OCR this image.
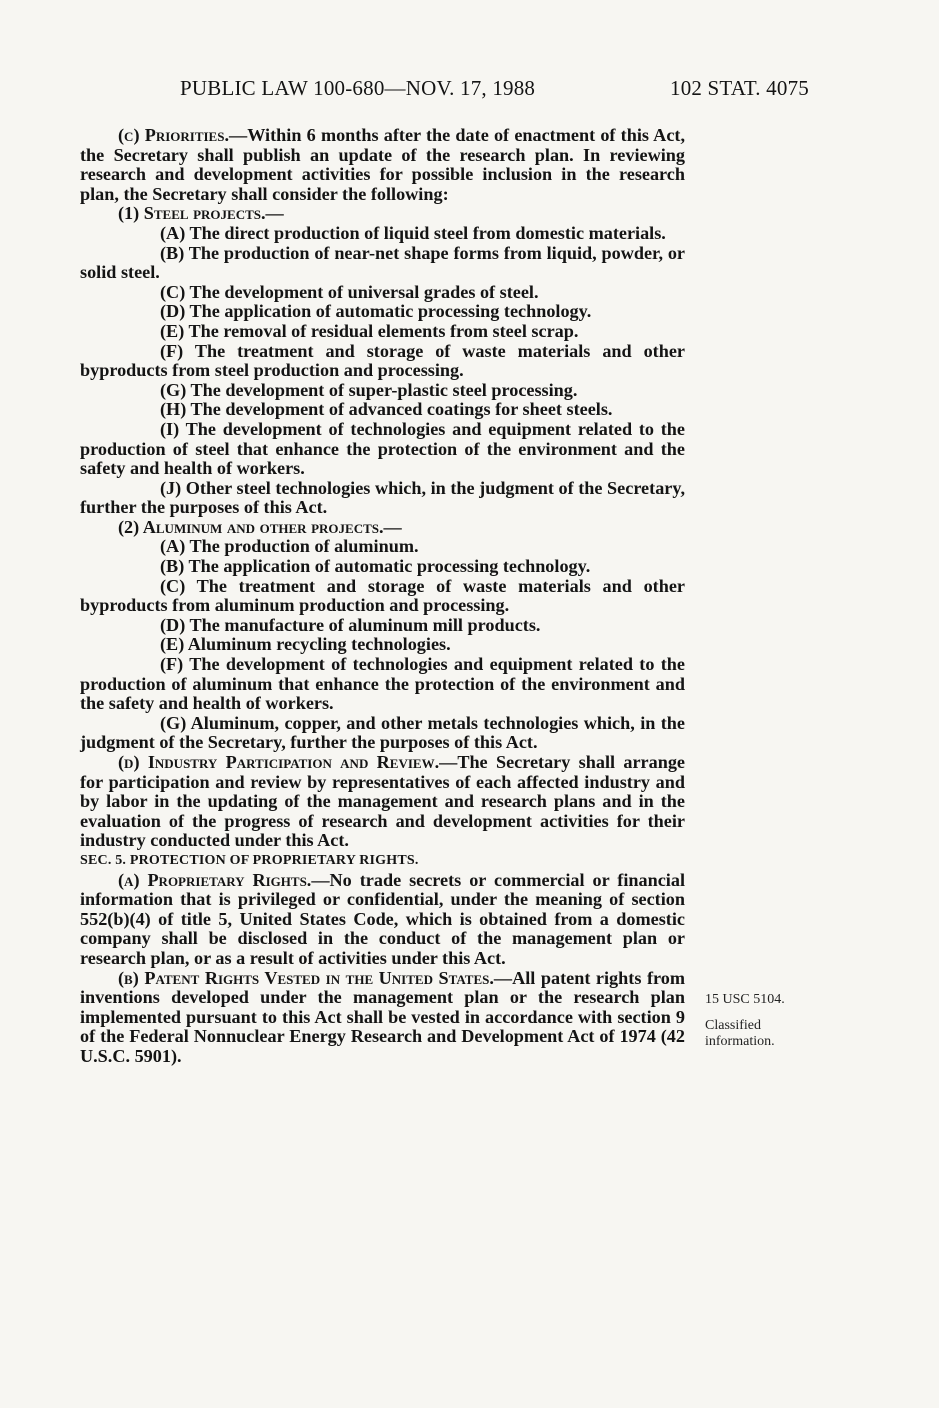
PUBLIC LAW 100-680—NOV. 17, 1988	102 STAT. 4075

(c) Priorities.—Within 6 months after the date of enactment of this Act, the Secretary shall publish an update of the research plan. In reviewing research and development activities for possible inclusion in the research plan, the Secretary shall consider the following:

(1) Steel projects.—

(A) The direct production of liquid steel from domestic materials.

(B) The production of near-net shape forms from liquid, powder, or solid steel.

(C) The development of universal grades of steel.

(D) The application of automatic processing technology.

(E) The removal of residual elements from steel scrap.

(F) The treatment and storage of waste materials and other byproducts from steel production and processing.

(G) The development of super-plastic steel processing.

(H) The development of advanced coatings for sheet steels.

(I) The development of technologies and equipment related to the production of steel that enhance the protection of the environment and the safety and health of workers.

(J) Other steel technologies which, in the judgment of the Secretary, further the purposes of this Act.

(2) Aluminum and other projects.—

(A) The production of aluminum.

(B) The application of automatic processing technology.

(C) The treatment and storage of waste materials and other byproducts from aluminum production and processing.

(D) The manufacture of aluminum mill products.

(E) Aluminum recycling technologies.

(F) The development of technologies and equipment related to the production of aluminum that enhance the protection of the environment and the safety and health of workers.

(G) Aluminum, copper, and other metals technologies which, in the judgment of the Secretary, further the purposes of this Act.

(d) Industry Participation and Review.—The Secretary shall arrange for participation and review by representatives of each affected industry and by labor in the updating of the management and research plans and in the evaluation of the progress of research and development activities for their industry conducted under this Act.

SEC. 5. PROTECTION OF PROPRIETARY RIGHTS.

(a) Proprietary Rights.—No trade secrets or commercial or financial information that is privileged or confidential, under the meaning of section 552(b)(4) of title 5, United States Code, which is obtained from a domestic company shall be disclosed in the conduct of the management plan or research plan, or as a result of activities under this Act.

(b) Patent Rights Vested in the United States.—All patent rights from inventions developed under the management plan or the research plan implemented pursuant to this Act shall be vested in accordance with section 9 of the Federal Nonnuclear Energy Research and Development Act of 1974 (42 U.S.C. 5901).

15 USC 5104.
Classified information.
